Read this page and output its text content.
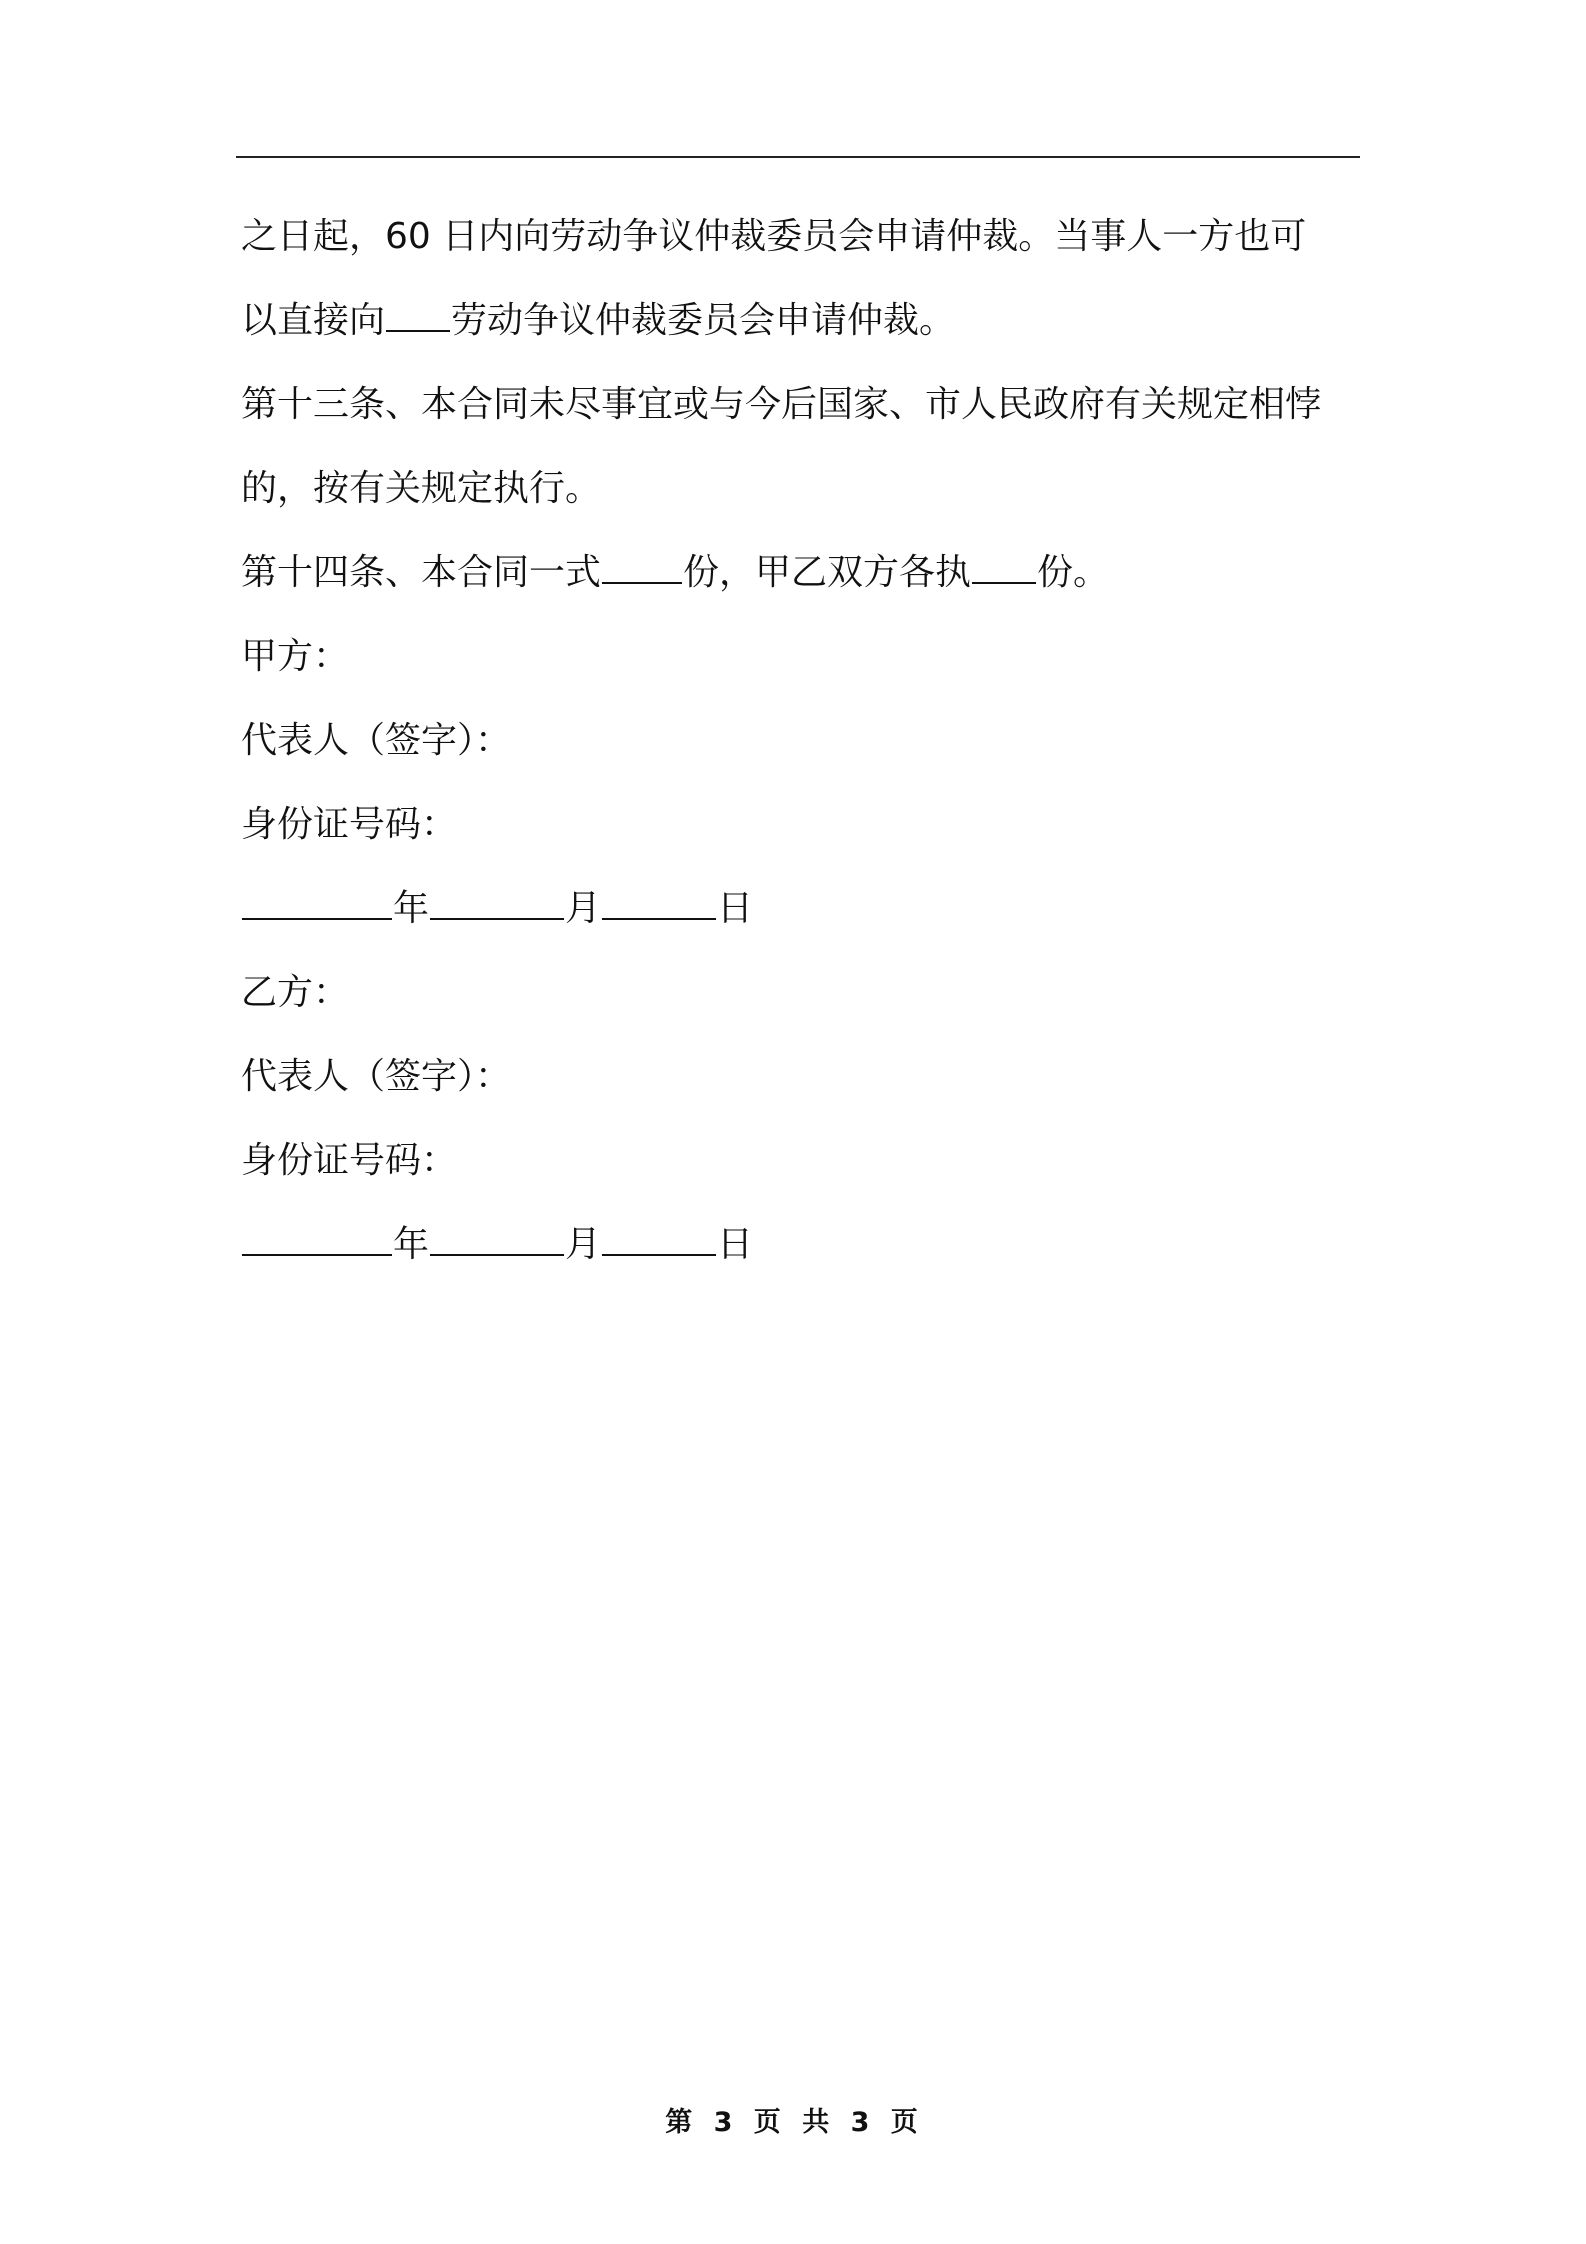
之日起，60 日内向劳动争议仲裁委员会申请仲裁。当事人一方也可
以直接向 劳动争议仲裁委员会申请仲裁。
第十三条、本合同未尽事宜或与今后国家、市人民政府有关规定相悖
的，按有关规定执行。
第十四条、本合同一式 份，甲乙双方各执 份。
甲方：
代表人（签字）：
身份证号码：
年	月	日
乙方：
代表人（签字）：
身份证号码：
年	月	日
第 3 页 共 3 页
